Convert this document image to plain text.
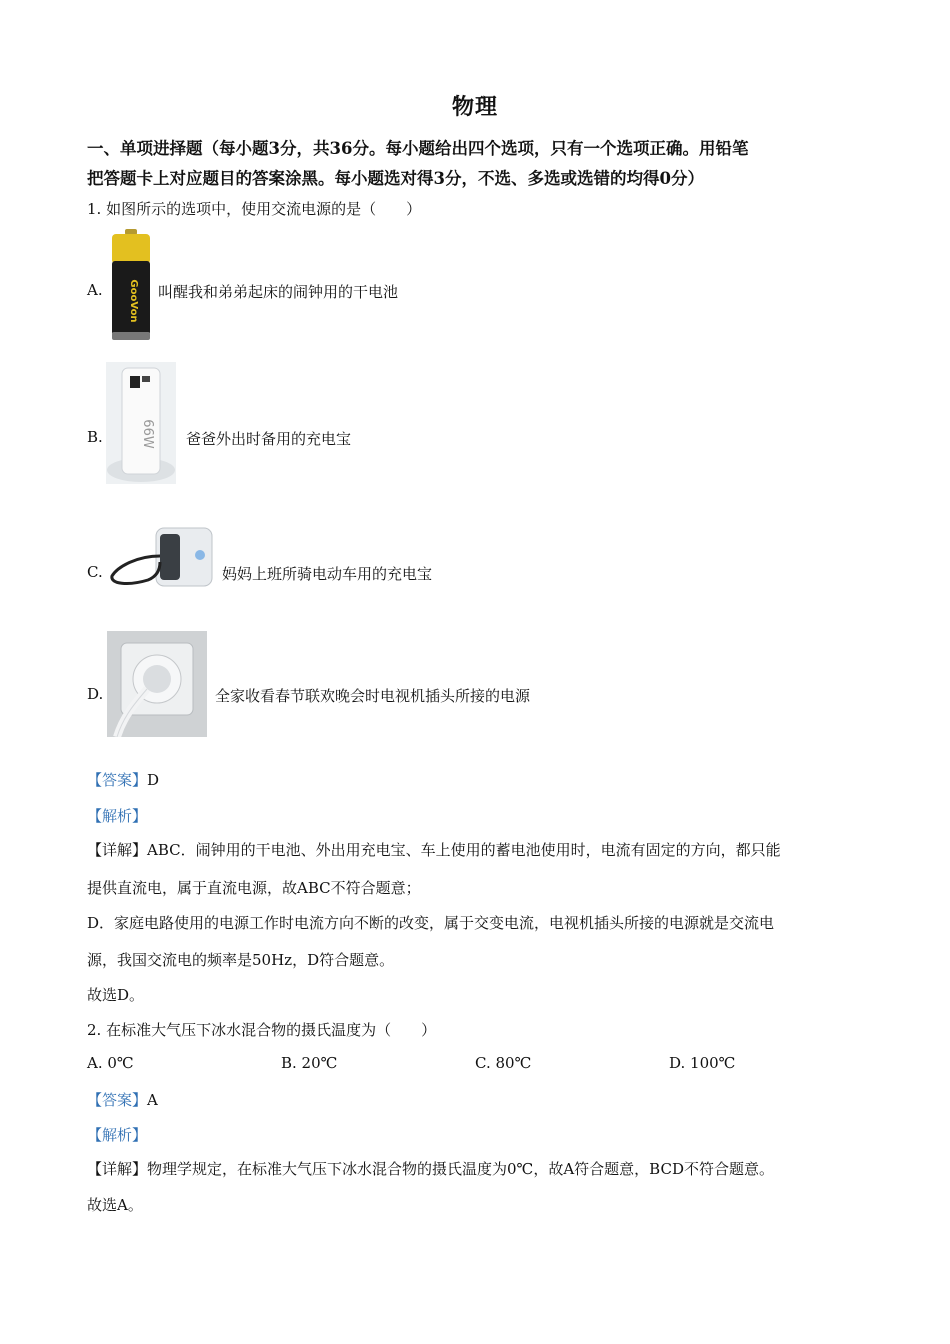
物理
一、单项进择题（每小题3分，共36分。每小题给出四个选项，只有一个选项正确。用铅笔
把答题卡上对应题目的答案涂黑。每小题选对得3分，不选、多选或选错的均得0分）
1. 如图所示的选项中，使用交流电源的是（　　）
A.	GooVon 叫醒我和弟弟起床的闹钟用的干电池
B.	66W 爸爸外出时备用的充电宝
C.	妈妈上班所骑电动车用的充电宝
D.	全家收看春节联欢晚会时电视机插头所接的电源
【答案】D
【解析】
【详解】ABC．闹钟用的干电池、外出用充电宝、车上使用的蓄电池使用时，电流有固定的方向，都只能
提供直流电，属于直流电源，故ABC不符合题意；
D．家庭电路使用的电源工作时电流方向不断的改变，属于交变电流，电视机插头所接的电源就是交流电
源，我国交流电的频率是50Hz，D符合题意。
故选D。
2. 在标准大气压下冰水混合物的摄氏温度为（　　）
A. 0℃	B. 20℃	C. 80℃	D. 100℃
【答案】A
【解析】
【详解】物理学规定，在标准大气压下冰水混合物的摄氏温度为0℃，故A符合题意，BCD不符合题意。
故选A。
